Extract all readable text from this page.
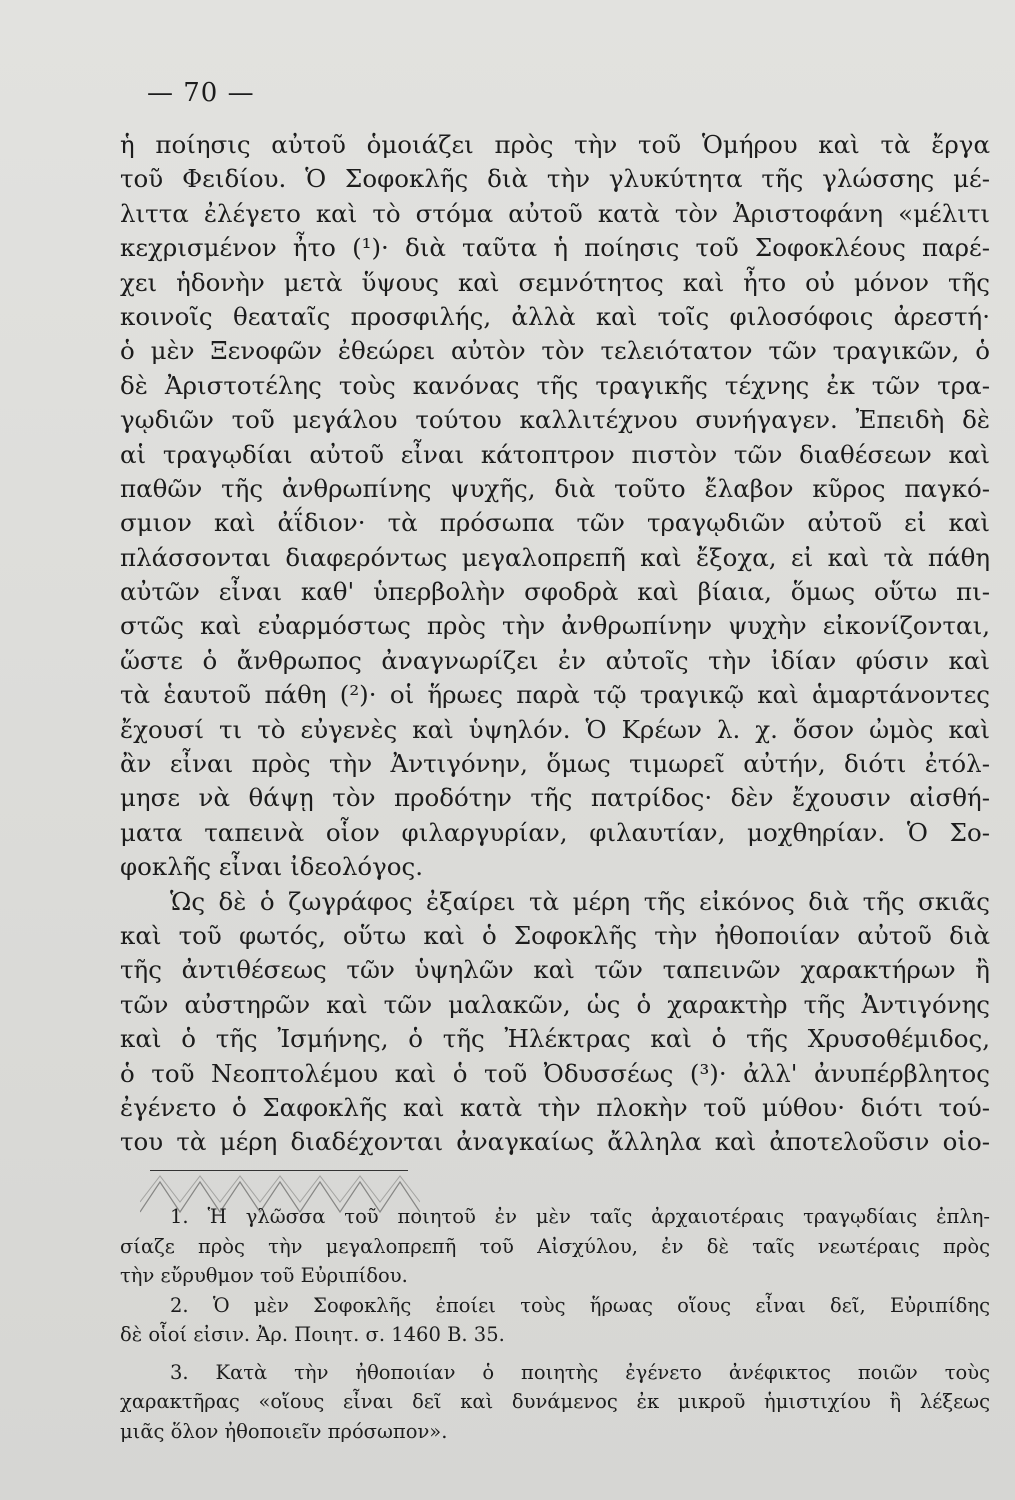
— 70 —
ἡ ποίησις αὐτοῦ ὁμοιάζει πρὸς τὴν τοῦ Ὁμήρου καὶ τὰ ἔργα
τοῦ Φειδίου. Ὁ Σοφοκλῆς διὰ τὴν γλυκύτητα τῆς γλώσσης μέ-
λιττα ἐλέγετο καὶ τὸ στόμα αὐτοῦ κατὰ τὸν Ἀριστοφάνη «μέλιτι
κεχρισμένον ἦτο (¹)· διὰ ταῦτα ἡ ποίησις τοῦ Σοφοκλέους παρέ-
χει ἡδονὴν μετὰ ὕψους καὶ σεμνότητος καὶ ἦτο οὐ μόνον τῆς
κοινοῖς θεαταῖς προσφιλής, ἀλλὰ καὶ τοῖς φιλοσόφοις ἀρεστή·
ὁ μὲν Ξενοφῶν ἐθεώρει αὐτὸν τὸν τελειότατον τῶν τραγικῶν, ὁ
δὲ Ἀριστοτέλης τοὺς κανόνας τῆς τραγικῆς τέχνης ἐκ τῶν τρα-
γῳδιῶν τοῦ μεγάλου τούτου καλλιτέχνου συνήγαγεν. Ἐπειδὴ δὲ
αἱ τραγῳδίαι αὐτοῦ εἶναι κάτοπτρον πιστὸν τῶν διαθέσεων καὶ
παθῶν τῆς ἀνθρωπίνης ψυχῆς, διὰ τοῦτο ἔλαβον κῦρος παγκό-
σμιον καὶ ἀΐδιον· τὰ πρόσωπα τῶν τραγῳδιῶν αὐτοῦ εἰ καὶ
πλάσσονται διαφερόντως μεγαλοπρεπῆ καὶ ἔξοχα, εἰ καὶ τὰ πάθη
αὐτῶν εἶναι καθ' ὑπερβολὴν σφοδρὰ καὶ βίαια, ὅμως οὕτω πι-
στῶς καὶ εὐαρμόστως πρὸς τὴν ἀνθρωπίνην ψυχὴν εἰκονίζονται,
ὥστε ὁ ἄνθρωπος ἀναγνωρίζει ἐν αὐτοῖς τὴν ἰδίαν φύσιν καὶ
τὰ ἑαυτοῦ πάθη (²)· οἱ ἥρωες παρὰ τῷ τραγικῷ καὶ ἁμαρτάνοντες
ἔχουσί τι τὸ εὐγενὲς καὶ ὑψηλόν. Ὁ Κρέων λ. χ. ὅσον ὠμὸς καὶ
ἂν εἶναι πρὸς τὴν Ἀντιγόνην, ὅμως τιμωρεῖ αὐτήν, διότι ἐτόλ-
μησε νὰ θάψῃ τὸν προδότην τῆς πατρίδος· δὲν ἔχουσιν αἰσθή-
ματα ταπεινὰ οἷον φιλαργυρίαν, φιλαυτίαν, μοχθηρίαν. Ὁ Σο-
φοκλῆς εἶναι ἰδεολόγος.
Ὡς δὲ ὁ ζωγράφος ἐξαίρει τὰ μέρη τῆς εἰκόνος διὰ τῆς σκιᾶς
καὶ τοῦ φωτός, οὕτω καὶ ὁ Σοφοκλῆς τὴν ἠθοποιίαν αὐτοῦ διὰ
τῆς ἀντιθέσεως τῶν ὑψηλῶν καὶ τῶν ταπεινῶν χαρακτήρων ἢ
τῶν αὐστηρῶν καὶ τῶν μαλακῶν, ὡς ὁ χαρακτὴρ τῆς Ἀντιγόνης
καὶ ὁ τῆς Ἰσμήνης, ὁ τῆς Ἠλέκτρας καὶ ὁ τῆς Χρυσοθέμιδος,
ὁ τοῦ Νεοπτολέμου καὶ ὁ τοῦ Ὀδυσσέως (³)· ἀλλ' ἀνυπέρβλητος
ἐγένετο ὁ Σαφοκλῆς καὶ κατὰ τὴν πλοκὴν τοῦ μύθου· διότι τού-
του τὰ μέρη διαδέχονται ἀναγκαίως ἄλληλα καὶ ἀποτελοῦσιν οἱο-
1. Ἡ γλῶσσα τοῦ ποιητοῦ ἐν μὲν ταῖς ἀρχαιοτέραις τραγῳδίαις ἐπλη-
σίαζε πρὸς τὴν μεγαλοπρεπῆ τοῦ Αἰσχύλου, ἐν δὲ ταῖς νεωτέραις πρὸς
τὴν εὔρυθμον τοῦ Εὐριπίδου.
2. Ὁ μὲν Σοφοκλῆς ἐποίει τοὺς ἥρωας οἵους εἶναι δεῖ, Εὐριπίδης
δὲ οἷοί εἰσιν. Ἀρ. Ποιητ. σ. 1460 Β. 35.
3. Κατὰ τὴν ἠθοποιίαν ὁ ποιητὴς ἐγένετο ἀνέφικτος ποιῶν τοὺς
χαρακτῆρας «οἵους εἶναι δεῖ καὶ δυνάμενος ἐκ μικροῦ ἡμιστιχίου ἢ λέξεως
μιᾶς ὅλον ἠθοποιεῖν πρόσωπον».
